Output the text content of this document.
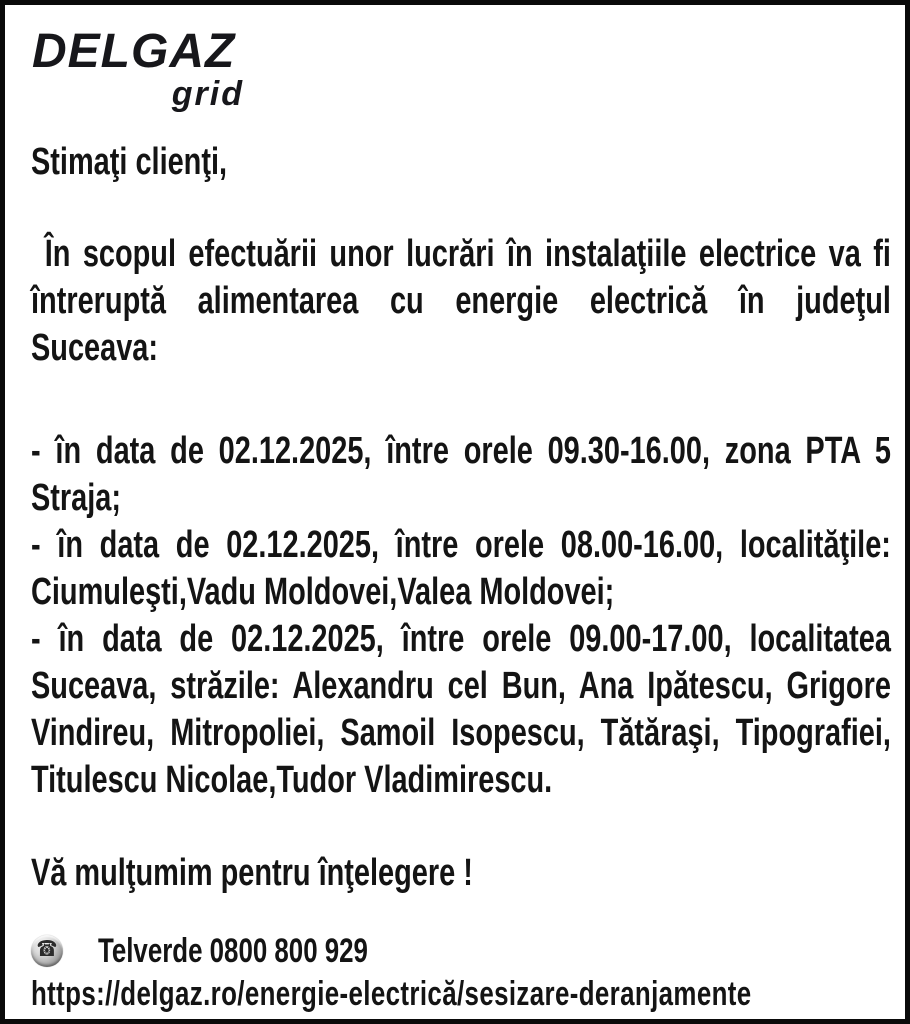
DELGAZ
grid
Stimaţi clienţi,
În scopul efectuării unor lucrări în instalaţiile electrice va fi
întreruptă alimentarea cu energie electrică în judeţul
Suceava:
- în data de 02.12.2025, între orele 09.30-16.00, zona PTA 5
Straja;
- în data de 02.12.2025, între orele 08.00-16.00, localităţile:
Ciumuleşti,Vadu Moldovei,Valea Moldovei;
- în data de 02.12.2025, între orele 09.00-17.00, localitatea
Suceava, străzile: Alexandru cel Bun, Ana Ipătescu, Grigore
Vindireu, Mitropoliei, Samoil Isopescu, Tătăraşi, Tipografiei,
Titulescu Nicolae,Tudor Vladimirescu.
Vă mulţumim pentru înţelegere !
☎ Telverde 0800 800 929
https://delgaz.ro/energie-electrică/sesizare-deranjamente
